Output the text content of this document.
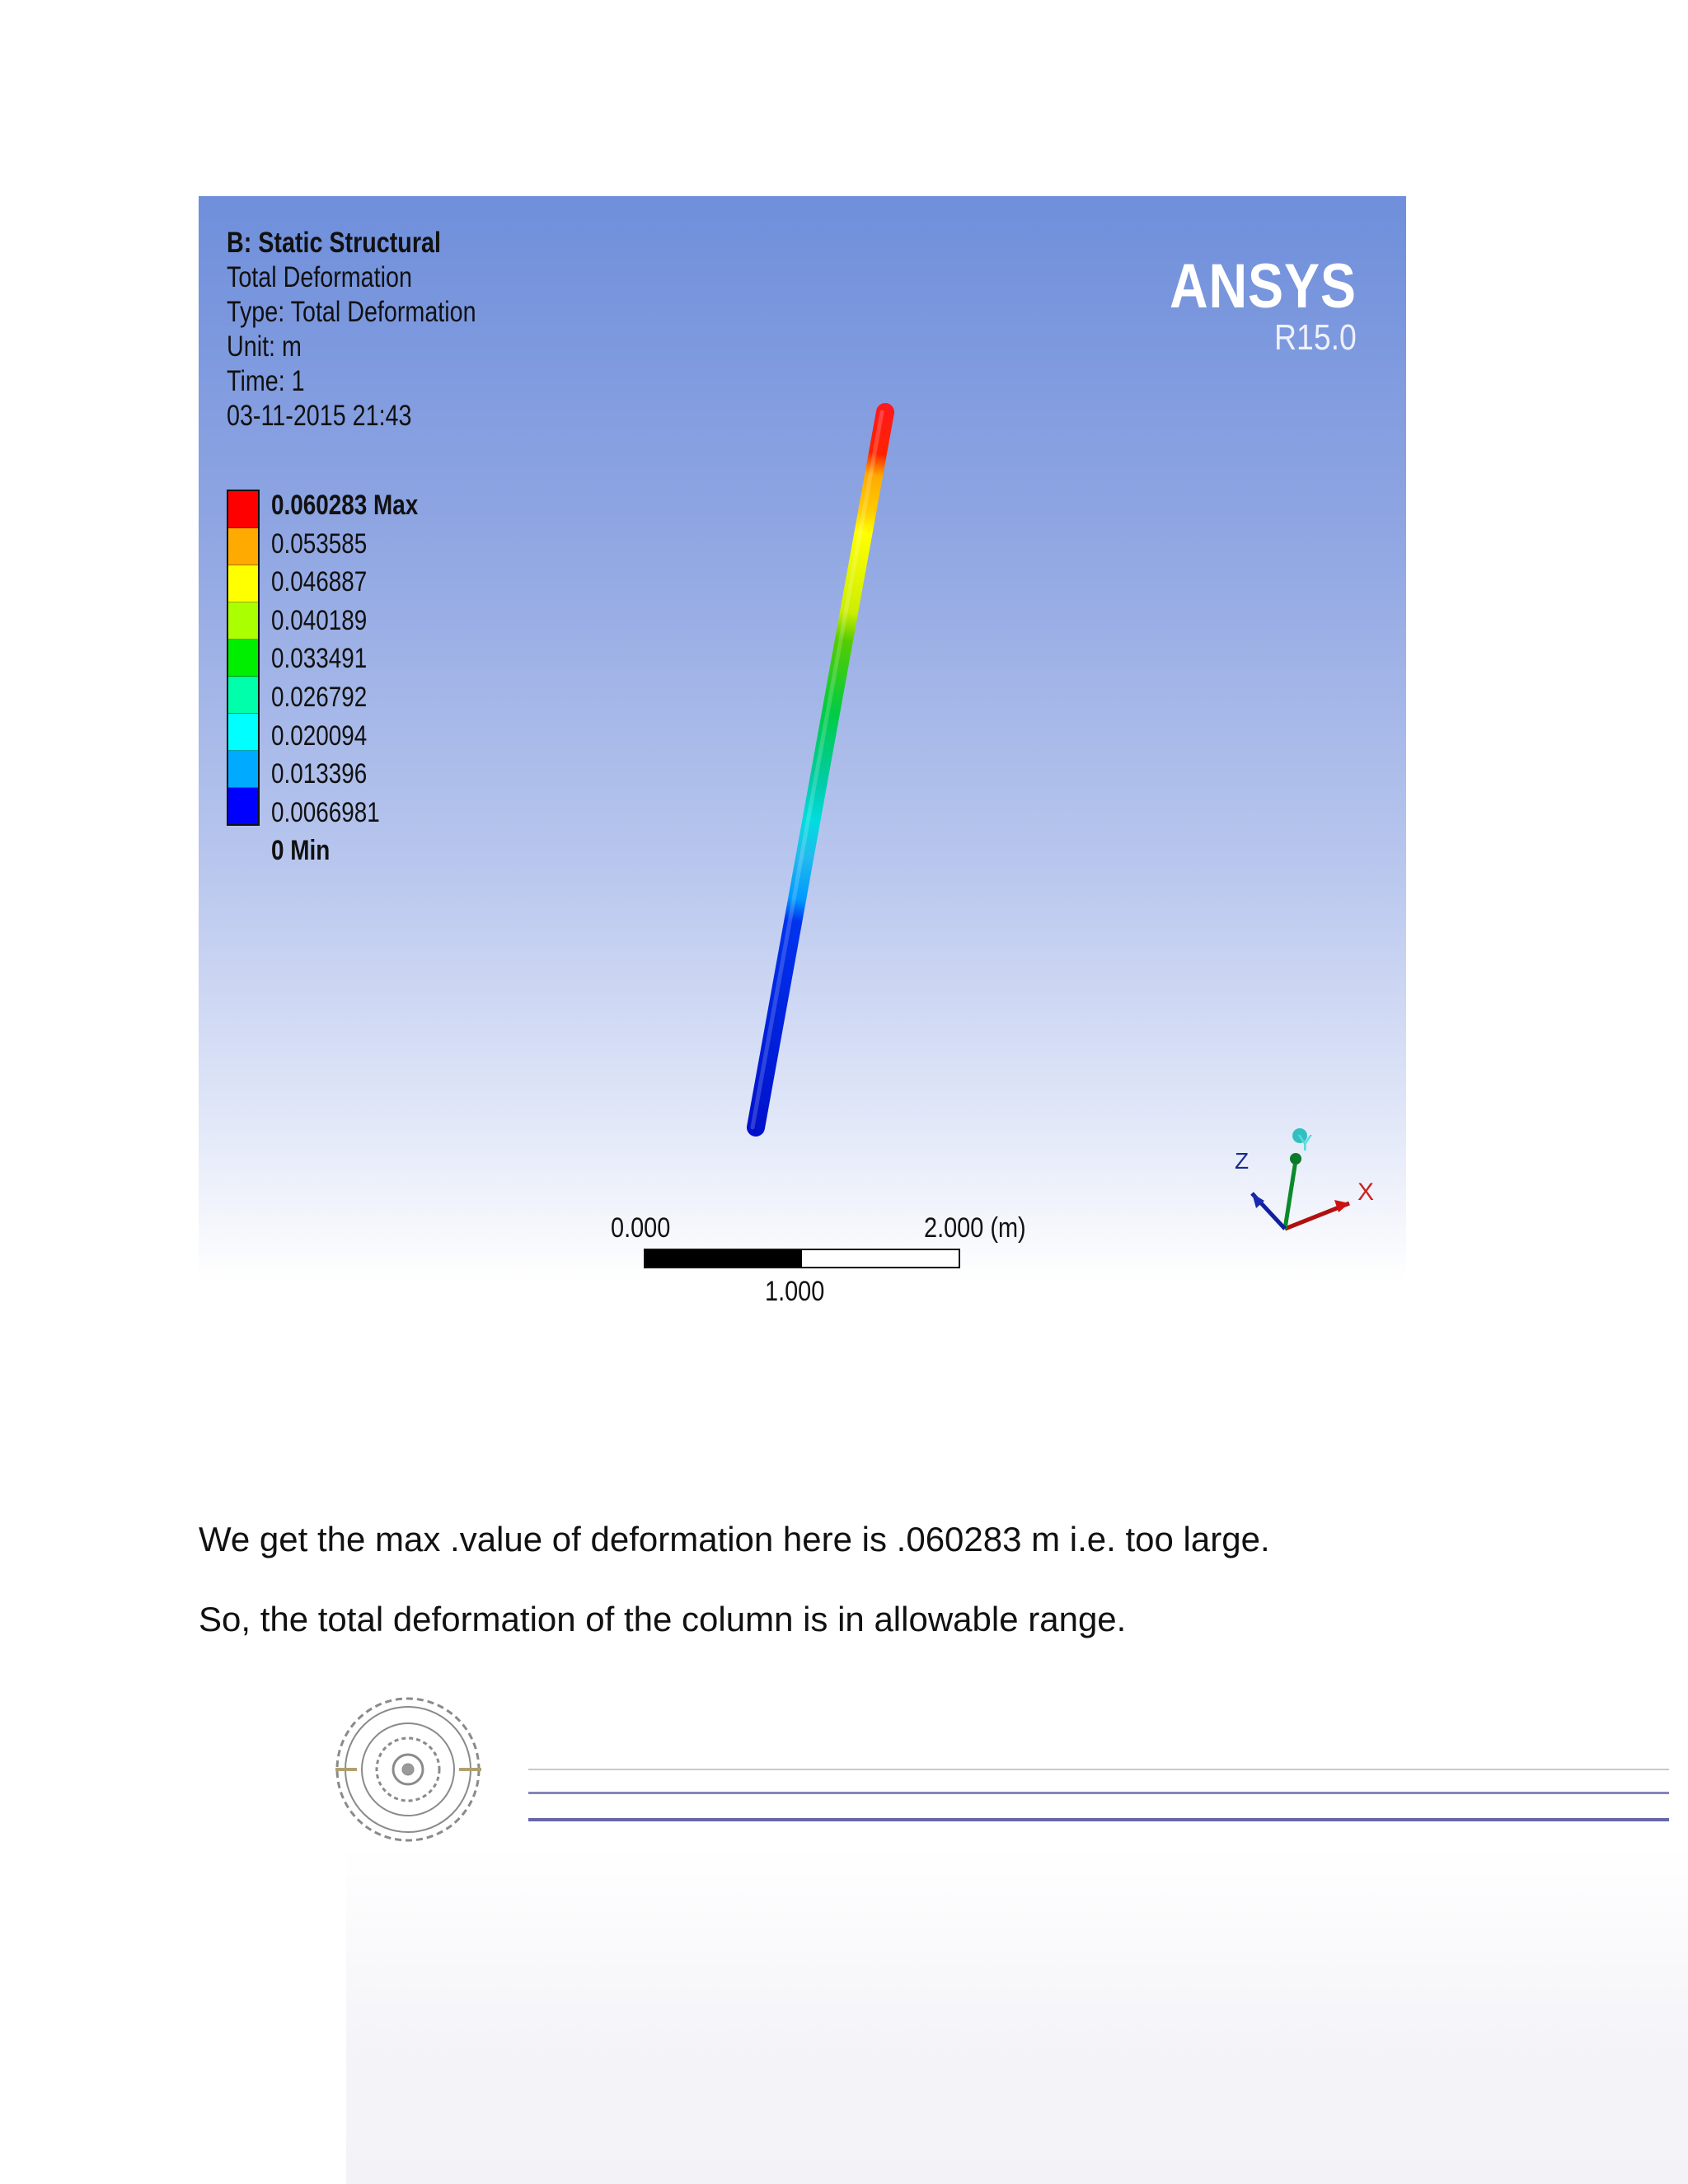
B: Static Structural
Total Deformation
Type: Total Deformation
Unit: m
Time: 1
03-11-2015 21:43
0.060283 Max
0.053585
0.046887
0.040189
0.033491
0.026792
0.020094
0.013396
0.0066981
0 Min
ANSYS
R15.0
0.000	2.000 (m)
1.000
X
Y
Z
We get the max .value of deformation here is .060283 m i.e. too large.
So, the total deformation of the column is in allowable range.
